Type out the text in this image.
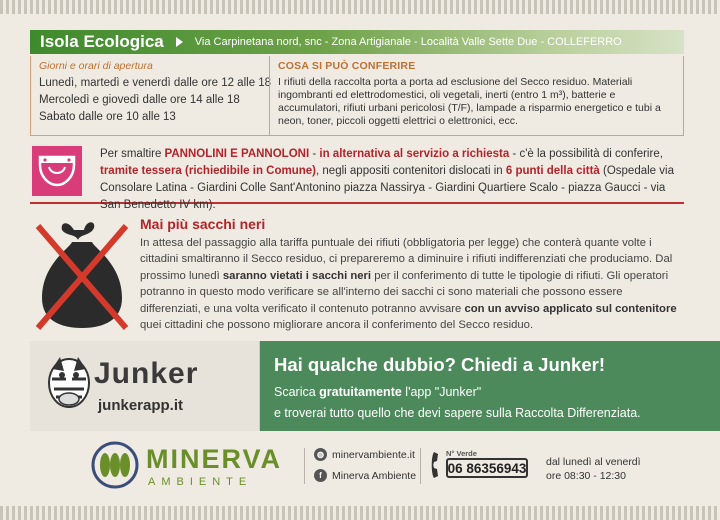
Isola Ecologica	Via Carpinetana nord, snc - Zona Artigianale - Località Valle Sette Due - COLLEFERRO
Giorni e orari di apertura
Lunedì, martedì e venerdì dalle ore 12 alle 18
Mercoledì e giovedì dalle ore 14 alle 18
Sabato dalle ore 10 alle 13
COSA SI PUÒ CONFERIRE
I rifiuti della raccolta porta a porta ad esclusione del Secco residuo. Materiali ingombranti ed elettrodomestici, oli vegetali, inerti (entro 1 m³), batterie e accumulatori, rifiuti urbani pericolosi (T/F), lampade a risparmio energetico e tubi a neon, toner, piccoli oggetti elettrici o elettronici, ecc.
Per smaltire PANNOLINI E PANNOLONI - in alternativa al servizio a richiesta - c'è la possibilità di conferire, tramite tessera (richiedibile in Comune), negli appositi contenitori dislocati in 6 punti della città (Ospedale via Consolare Latina - Giardini Colle Sant'Antonino piazza Nassirya - Giardini Quartiere Scalo - piazza Gaucci - via San Benedetto IV km).
Mai più sacchi neri
In attesa del passaggio alla tariffa puntuale dei rifiuti (obbligatoria per legge) che conterà quante volte i cittadini smaltiranno il Secco residuo, ci prepareremo a diminuire i rifiuti indifferenziati che produciamo. Dal prossimo lunedì saranno vietati i sacchi neri per il conferimento di tutte le tipologie di rifiuti. Gli operatori potranno in questo modo verificare se all'interno dei sacchi ci sono materiali che possono essere differenziati, e una volta verificato il contenuto potranno avvisare con un avviso applicato sul contenitore quei cittadini che possono migliorare ancora il conferimento del Secco residuo.
Junker
junkerapp.it
Hai qualche dubbio? Chiedi a Junker!
Scarica gratuitamente l'app "Junker"
e troverai tutto quello che devi sapere sulla Raccolta Differenziata.
MINERVA
AMBIENTE
◍ minervambiente.it
f Minerva Ambiente
N° Verde
06 86356943 dal lunedì al venerdì
ore 08:30 - 12:30
